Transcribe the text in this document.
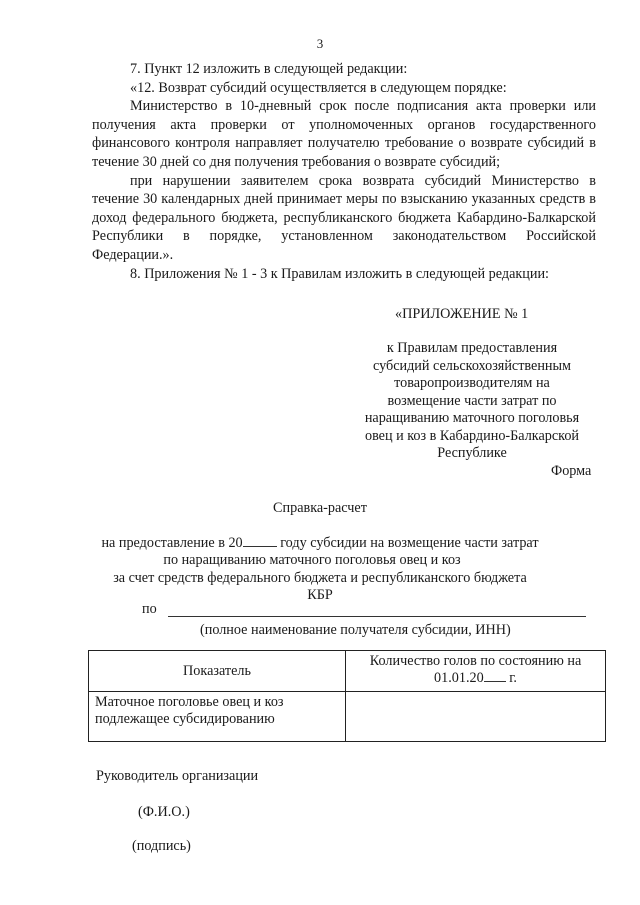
3

7. Пункт 12 изложить в следующей редакции:

«12. Возврат субсидий осуществляется в следующем порядке:

Министерство в 10-дневный срок после подписания акта проверки или получения акта проверки от уполномоченных органов государственного финансового контроля направляет получателю требование о возврате субсидий в течение 30 дней со дня получения требования о возврате субсидий;

при нарушении заявителем срока возврата субсидий Министерство в течение 30 календарных дней принимает меры по взысканию указанных средств в доход федерального бюджета, республиканского бюджета Кабардино-Балкарской Республики в порядке, установленном законодательством Российской Федерации.».

8. Приложения № 1 - 3 к Правилам изложить в следующей редакции:

«ПРИЛОЖЕНИЕ № 1
к Правилам предоставления
субсидий сельскохозяйственным
товаропроизводителям на
возмещение части затрат по
наращиванию маточного поголовья
овец и коз в Кабардино-Балкарской
Республике
Форма
Справка-расчет
на предоставление в 20	году субсидии на возмещение части затрат
по наращиванию маточного поголовья овец и коз
за счет средств федерального бюджета и республиканского бюджета
КБР
по
(полное наименование получателя субсидии, ИНН)
Показатель	Количество голов по состоянию на
01.01.20 г.

Маточное поголовье овец и коз подлежащее субсидированию	
Руководитель организации
(Ф.И.О.)
(подпись)
